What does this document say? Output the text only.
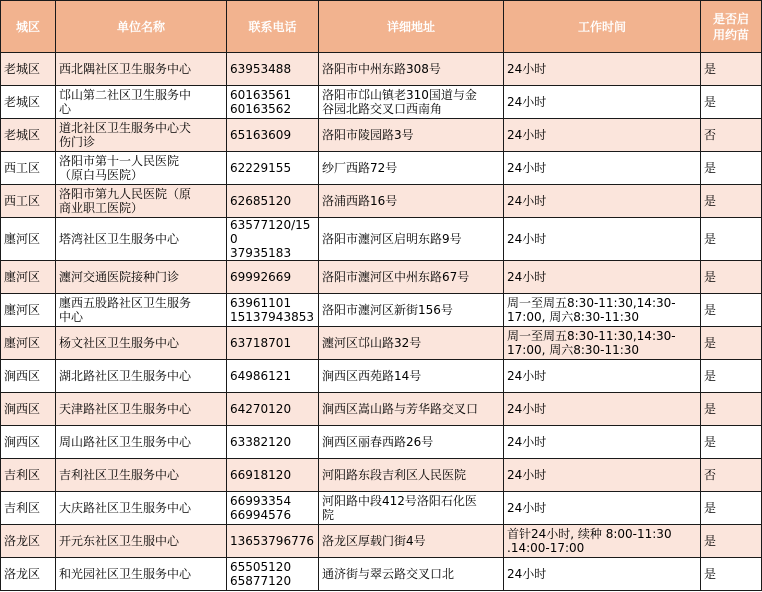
城区	单位名称	联系电话	详细地址	工作时间	是否启
用约苗
老城区	西北隅社区卫生服务中心	63953488	洛阳市中州东路308号	24小时	是
老城区	邙山第二社区卫生服务中
心	60163561
60163562	洛阳市邙山镇老310国道与金
谷园北路交叉口西南角	24小时	是
老城区	道北社区卫生服务中心犬
伤门诊	65163609	洛阳市陵园路3号	24小时	否
西工区	洛阳市第十一人民医院
（原白马医院）	62229155	纱厂西路72号	24小时	是
西工区	洛阳市第九人民医院（原
商业职工医院）	62685120	洛浦西路16号	24小时	是
廛河区	塔湾社区卫生服务中心	63577120/150
37935183	洛阳市瀍河区启明东路9号	24小时	是
廛河区	瀍河交通医院接种门诊	69992669	洛阳市瀍河区中州东路67号	24小时	是
廛河区	廛西五股路社区卫生服务
中心	63961101
15137943853	洛阳市瀍河区新街156号	周一至周五8:30-11:30,14:30-
17:00, 周六8:30-11:30	是
廛河区	杨文社区卫生服务中心	63718701	瀍河区邙山路32号	周一至周五8:30-11:30,14:30-
17:00, 周六8:30-11:30	是
涧西区	湖北路社区卫生服务中心	64986121	涧西区西苑路14号	24小时	是
涧西区	天津路社区卫生服务中心	64270120	涧西区嵩山路与芳华路交叉口	24小时	是
涧西区	周山路社区卫生服务中心	63382120	涧西区丽春西路26号	24小时	是
吉利区	吉利社区卫生服务中心	66918120	河阳路东段吉利区人民医院	24小时	否
吉利区	大庆路社区卫生服务中心	66993354
66994576	河阳路中段412号洛阳石化医
院	24小时	是
洛龙区	开元东社区卫生服中心	13653796776	洛龙区厚载门街4号	首针24小时, 续种 8:00-11:30
.14:00-17:00	是
洛龙区	和光园社区卫生服务中心	65505120
65877120	通济街与翠云路交叉口北	24小时	是
